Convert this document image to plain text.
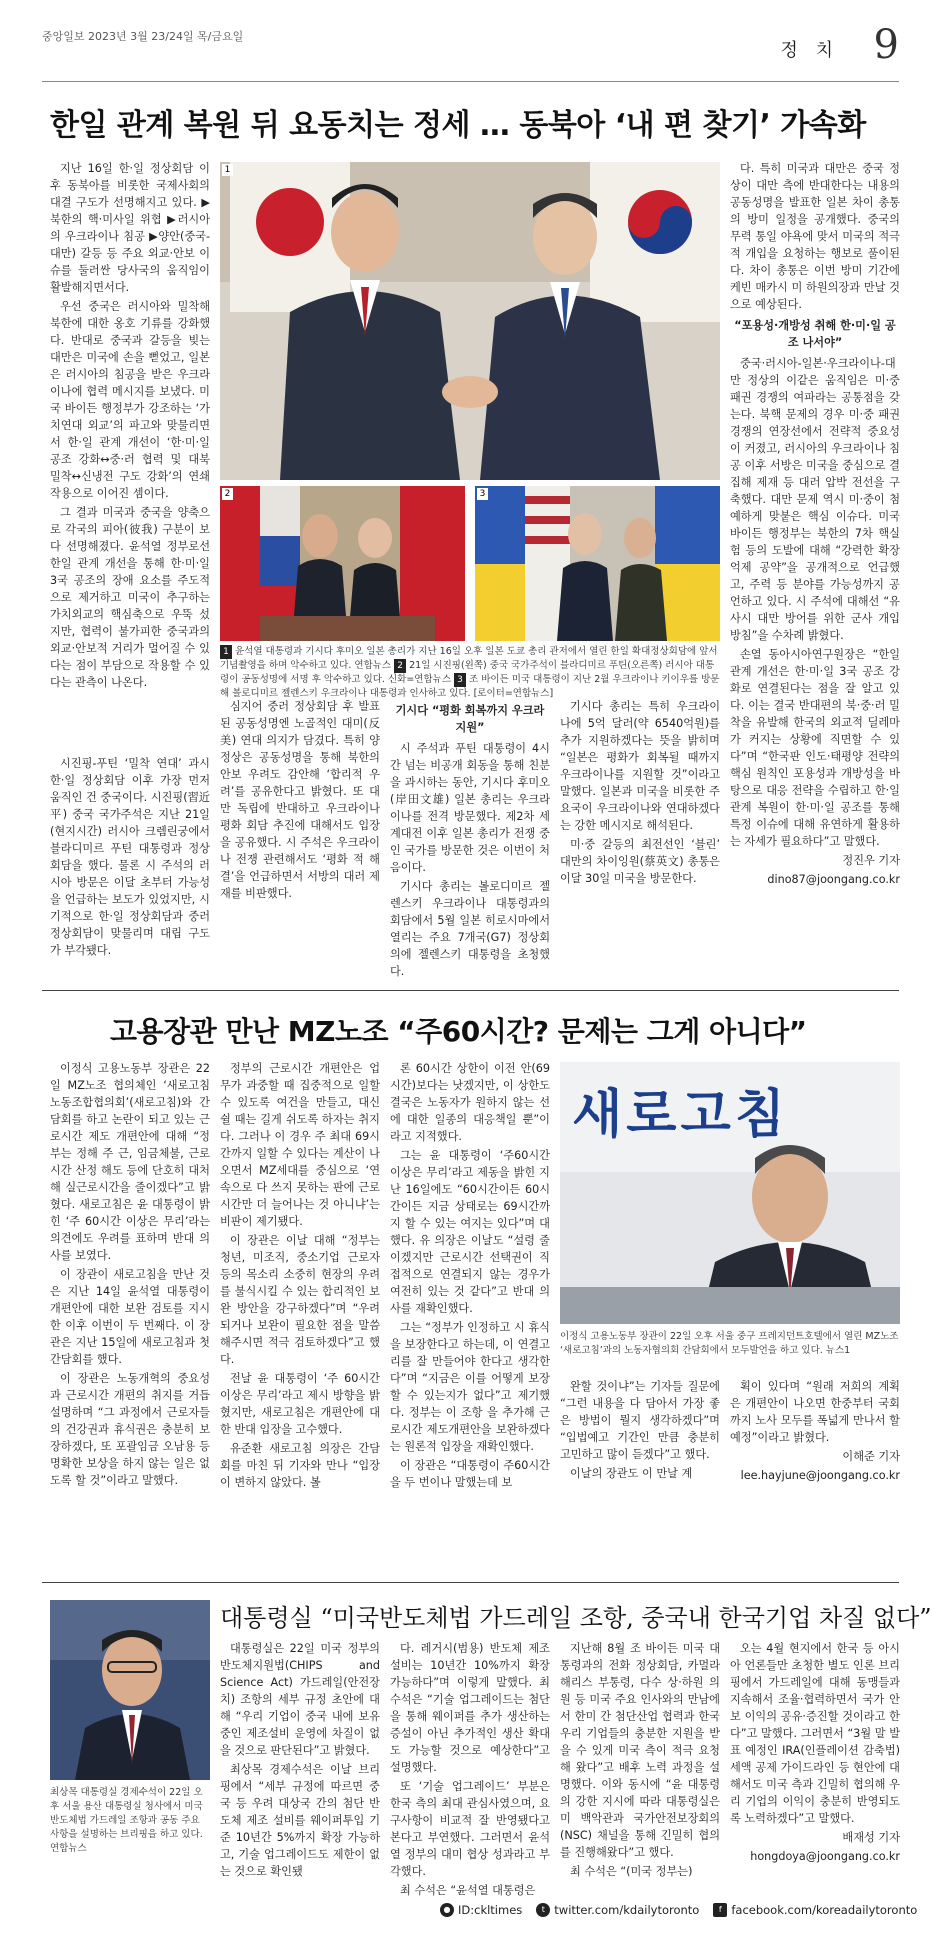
중앙일보 2023년 3월 23/24일 목/금요일
정 치 9
한일 관계 복원 뒤 요동치는 정세 … 동북아 ‘내 편 찾기’ 가속화

지난 16일 한·일 정상회담 이후 동북아를 비롯한 국제사회의 대결 구도가 선명해지고 있다. ▶북한의 핵·미사일 위협 ▶러시아의 우크라이나 침공 ▶양안(중국-대만) 갈등 등 주요 외교·안보 이슈를 둘러싼 당사국의 움직임이 활발해지면서다.

우선 중국은 러시아와 밀착해 북한에 대한 옹호 기류를 강화했다. 반대로 중국과 갈등을 빚는 대만은 미국에 손을 뻗었고, 일본은 러시아의 침공을 받은 우크라이나에 협력 메시지를 보냈다. 미국 바이든 행정부가 강조하는 ‘가치연대 외교’의 파고와 맞물리면서 한·일 관계 개선이 ‘한·미·일 공조 강화↔중·러 협력 및 대북 밀착↔신냉전 구도 강화’의 연쇄 작용으로 이어진 셈이다.

그 결과 미국과 중국을 양축으로 각국의 피아(彼我) 구분이 보다 선명해졌다. 윤석열 정부로선 한일 관계 개선을 통해 한·미·일 3국 공조의 장애 요소를 주도적으로 제거하고 미국이 추구하는 가치외교의 핵심축으로 우뚝 섰지만, 협력이 불가피한 중국과의 외교·안보적 거리가 멀어질 수 있다는 점이 부담으로 작용할 수 있다는 관측이 나온다.

1
2	3
1 윤석열 대통령과 기시다 후미오 일본 총리가 지난 16일 오후 일본 도쿄 총리 관저에서 열린 한일 확대정상회담에 앞서 기념촬영을 하며 악수하고 있다. 연합뉴스 2 21일 시진핑(왼쪽) 중국 국가주석이 블라디미르 푸틴(오른쪽) 러시아 대통령이 공동성명에 서명 후 악수하고 있다. 신화=연합뉴스 3 조 바이든 미국 대통령이 지난 2월 우크라이나 키이우를 방문해 볼로디미르 젤렌스키 우크라이나 대통령과 인사하고 있다. [로이터=연합뉴스]

시진핑-푸틴 ‘밀착 연대’ 과시 한·일 정상회담 이후 가장 먼저 움직인 건 중국이다. 시진핑(習近平) 중국 국가주석은 지난 21일(현지시간) 러시아 크렘린궁에서 블라디미르 푸틴 대통령과 정상회담을 했다. 물론 시 주석의 러시아 방문은 이달 초부터 가능성을 언급하는 보도가 있었지만, 시기적으로 한·일 정상회담과 중러 정상회담이 맞물리며 대립 구도가 부각됐다.

심지어 중러 정상회담 후 발표된 공동성명엔 노골적인 대미(反美) 연대 의지가 담겼다. 특히 양 정상은 공동성명을 통해 북한의 안보 우려도 감안해 ‘합리적 우려’를 공유한다고 밝혔다. 또 대만 독립에 반대하고 우크라이나 평화 회담 추진에 대해서도 입장을 공유했다. 시 주석은 우크라이나 전쟁 관련해서도 ‘평화 적 해결’을 언급하면서 서방의 대러 제재를 비판했다.

기시다 “평화 회복까지 우크라 지원”

시 주석과 푸틴 대통령이 4시간 넘는 비공개 회동을 통해 친분을 과시하는 동안, 기시다 후미오(岸田文雄) 일본 총리는 우크라이나를 전격 방문했다. 제2차 세계대전 이후 일본 총리가 전쟁 중인 국가를 방문한 것은 이번이 처음이다.

기시다 총리는 볼로디미르 젤렌스키 우크라이나 대통령과의 회담에서 5월 일본 히로시마에서 열리는 주요 7개국(G7) 정상회의에 젤렌스키 대통령을 초청했다.

기시다 총리는 특히 우크라이나에 5억 달러(약 6540억원)를 추가 지원하겠다는 뜻을 밝히며 “일본은 평화가 회복될 때까지 우크라이나를 지원할 것”이라고 말했다. 일본과 미국을 비롯한 주요국이 우크라이나와 연대하겠다는 강한 메시지로 해석된다.

미·중 갈등의 최전선인 ‘블린’ 대만의 차이잉원(蔡英文) 총통은 이달 30일 미국을 방문한다.

다. 특히 미국과 대만은 중국 정상이 대만 측에 반대한다는 내용의 공동성명을 발표한 일본 차이 총통의 방미 일정을 공개했다. 중국의 무력 통일 야욕에 맞서 미국의 적극적 개입을 요청하는 행보로 풀이된다. 차이 총통은 이번 방미 기간에 케빈 매카시 미 하원의장과 만날 것으로 예상된다.

“포용성·개방성 취해 한·미·일 공조 나서야”

중국·러시아-일본·우크라이나-대만 정상의 이같은 움직임은 미·중 패권 경쟁의 여파라는 공통점을 갖는다. 북핵 문제의 경우 미·중 패권 경쟁의 연장선에서 전략적 중요성이 커졌고, 러시아의 우크라이나 침공 이후 서방은 미국을 중심으로 결집해 제재 등 대러 압박 전선을 구축했다. 대만 문제 역시 미·중이 첨예하게 맞붙은 핵심 이슈다. 미국 바이든 행정부는 북한의 7차 핵실험 등의 도발에 대해 “강력한 확장억제 공약”을 공개적으로 언급했고, 주력 등 분야를 가능성까지 공언하고 있다. 시 주석에 대해선 “유사시 대만 방어를 위한 군사 개입 방침”을 수차례 밝혔다.

손열 동아시아연구원장은 “한일 관계 개선은 한·미·일 3국 공조 강화로 연결된다는 점을 잘 알고 있다. 이는 결국 반대편의 북·중·러 밀착을 유발해 한국의 외교적 딜레마가 커지는 상황에 직면할 수 있다”며 “한국판 인도·태평양 전략의 핵심 원칙인 포용성과 개방성을 바탕으로 대응 전략을 수립하고 한·일 관계 복원이 한·미·일 공조를 통해 특정 이슈에 대해 유연하게 활용하는 자세가 필요하다”고 말했다.

정진우 기자

dino87@joongang.co.kr

고용장관 만난 MZ노조 “주60시간? 문제는 그게 아니다”

이정식 고용노동부 장관은 22일 MZ노조 협의체인 ‘새로고침 노동조합협의회’(새로고침)와 간담회를 하고 논란이 되고 있는 근로시간 제도 개편안에 대해 “정부는 정해 주 근, 임금체불, 근로시간 산정 해도 등에 단호히 대처해 실근로시간을 줄이겠다”고 밝혔다. 새로고침은 윤 대통령이 밝힌 ‘주 60시간 이상은 무리’라는 의견에도 우려를 표하며 반대 의사를 보였다.

이 장관이 새로고침을 만난 것은 지난 14일 윤석열 대통령이 개편안에 대한 보완 검토를 지시한 이후 이번이 두 번째다. 이 장관은 지난 15일에 새로고침과 첫 간담회를 했다.

이 장관은 노동개혁의 중요성과 근로시간 개편의 취지를 거듭 설명하며 “그 과정에서 근로자들의 건강권과 휴식권은 충분히 보장하겠다, 또 포괄임금 오남용 등 명확한 보상을 하지 않는 일은 없도록 할 것”이라고 말했다.

정부의 근로시간 개편안은 업무가 과중할 때 집중적으로 일할 수 있도록 여건을 만들고, 대신 쉴 때는 길게 쉬도록 하자는 취지다. 그러나 이 경우 주 최대 69시간까지 일할 수 있다는 계산이 나오면서 MZ세대를 중심으로 ‘연속으로 다 쓰지 못하는 판에 근로시간만 더 늘어나는 것 아니냐’는 비판이 제기됐다.

이 장관은 이날 대해 “정부는 청년, 미조직, 중소기업 근로자 등의 목소리 소중히 현장의 우려를 불식시킬 수 있는 합리적인 보완 방안을 강구하겠다”며 “우려되거나 보완이 필요한 점을 말씀해주시면 적극 검토하겠다”고 했다.

전날 윤 대통령이 ‘주 60시간 이상은 무리’라고 제시 방향을 밝혔지만, 새로고침은 개편안에 대한 반대 입장을 고수했다.

유준환 새로고침 의장은 간담회를 마친 뒤 기자와 만나 “입장이 변하지 않았다. 볼

론 60시간 상한이 이전 안(69시간)보다는 낫겠지만, 이 상한도 결국은 노동자가 원하지 않는 선에 대한 일종의 대응책일 뿐”이라고 지적했다.

그는 윤 대통령이 ‘주60시간 이상은 무리’라고 제동을 밝힌 지난 16일에도 “60시간이든 60시간이든 지금 상태로는 69시간까지 할 수 있는 여지는 있다”며 대했다. 유 의장은 이날도 “설령 줄이겠지만 근로시간 선택권이 직접적으로 연결되지 않는 경우가 여전히 있는 것 같다”고 반대 의사를 재확인했다.

그는 “정부가 인정하고 시 휴식을 보장한다고 하는데, 이 연결고리를 잘 만들어야 한다고 생각한다”며 “지금은 이를 어떻게 보장할 수 있는지가 없다”고 제기했다. 정부는 이 조항 을 추가해 근로시간 제도개편안을 보완하겠다는 원론적 입장을 재확인했다.

이 장관은 “대통령이 주60시간을 두 번이나 말했는데 보

새로고침
이정식 고용노동부 장관이 22일 오후 서울 중구 프레지던트호텔에서 열린 MZ노조 ‘새로고침’과의 노동자협의회 간담회에서 모두발언을 하고 있다. 뉴스1

완할 것이냐”는 기자들 질문에 “그런 내용을 다 담아서 가장 좋은 방법이 뭘지 생각하겠다”며 “입법예고 기간인 만큼 충분히 고민하고 많이 듣겠다”고 했다.

이날의 장관도 이 만날 계

획이 있다며 “원래 저희의 계획은 개편안이 나오면 한중부터 국회까지 노사 모두를 폭넓게 만나서 할 예정”이라고 밝혔다.

이해준 기자

lee.hayjune@joongang.co.kr

대통령실 “미국반도체법 가드레일 조항, 중국내 한국기업 차질 없다”
최상목 대통령실 경제수석이 22일 오후 서울 용산 대통령실 청사에서 미국 반도체법 가드레일 조항과 공동 주요 사항을 설명하는 브리핑을 하고 있다. 연합뉴스

대통령실은 22일 미국 정부의 반도체지원법(CHIPS and Science Act) 가드레일(안전장치) 조항의 세부 규정 초안에 대해 “우리 기업이 중국 내에 보유 중인 제조설비 운영에 차질이 없을 것으로 판단된다”고 밝혔다.

최상목 경제수석은 이날 브리핑에서 “세부 규정에 따르면 중국 등 우려 대상국 간의 첨단 반도체 제조 설비를 웨이퍼투입 기준 10년간 5%까지 확장 가능하고, 기술 업그레이드도 제한이 없는 것으로 확인됐

다. 레거시(범용) 반도체 제조 설비는 10년간 10%까지 확장 가능하다”며 이렇게 말했다. 최 수석은 “기술 업그레이드는 첨단을 통해 웨이퍼를 추가 생산하는 증설이 아닌 추가적인 생산 확대도 가능할 것으로 예상한다”고 설명했다.

또 ‘기술 업그레이드’ 부분은 한국 측의 최대 관심사였으며, 요구사항이 비교적 잘 반영됐다고 본다고 부연했다. 그러면서 윤석열 정부의 대미 협상 성과라고 부각했다.

최 수석은 “윤석열 대통령은

지난해 8월 조 바이든 미국 대통령과의 전화 정상회담, 카멀라 해리스 부통령, 다수 상·하원 의원 등 미국 주요 인사와의 만남에서 한미 간 첨단산업 협력과 한국 우리 기업들의 충분한 지원을 받을 수 있게 미국 측이 적극 요청해 왔다”고 배후 노력 과정을 설명했다. 이와 동시에 “윤 대통령의 강한 지시에 따라 대통령실은 미 백악관과 국가안전보장회의(NSC) 채널을 통해 긴밀히 협의를 진행해왔다”고 했다.

최 수석은 “(미국 정부는)

오는 4월 현지에서 한국 등 아시아 언론들만 초청한 별도 인론 브리핑에서 가드레일에 대해 동맹들과 지속해서 조율·협력하면서 국가 안보 이익의 공유·증진할 것이라고 한다”고 말했다. 그러면서 “3월 말 발표 예정인 IRA(인플레이션 감축법) 세액 공제 가이드라인 등 현안에 대해서도 미국 측과 긴밀히 협의해 우리 기업의 이익이 충분히 반영되도록 노력하겠다”고 말했다.

배재성 기자

hongdoya@joongang.co.kr

● ID:ckltimes	t twitter.com/kdailytoronto	f facebook.com/koreadailytoronto
